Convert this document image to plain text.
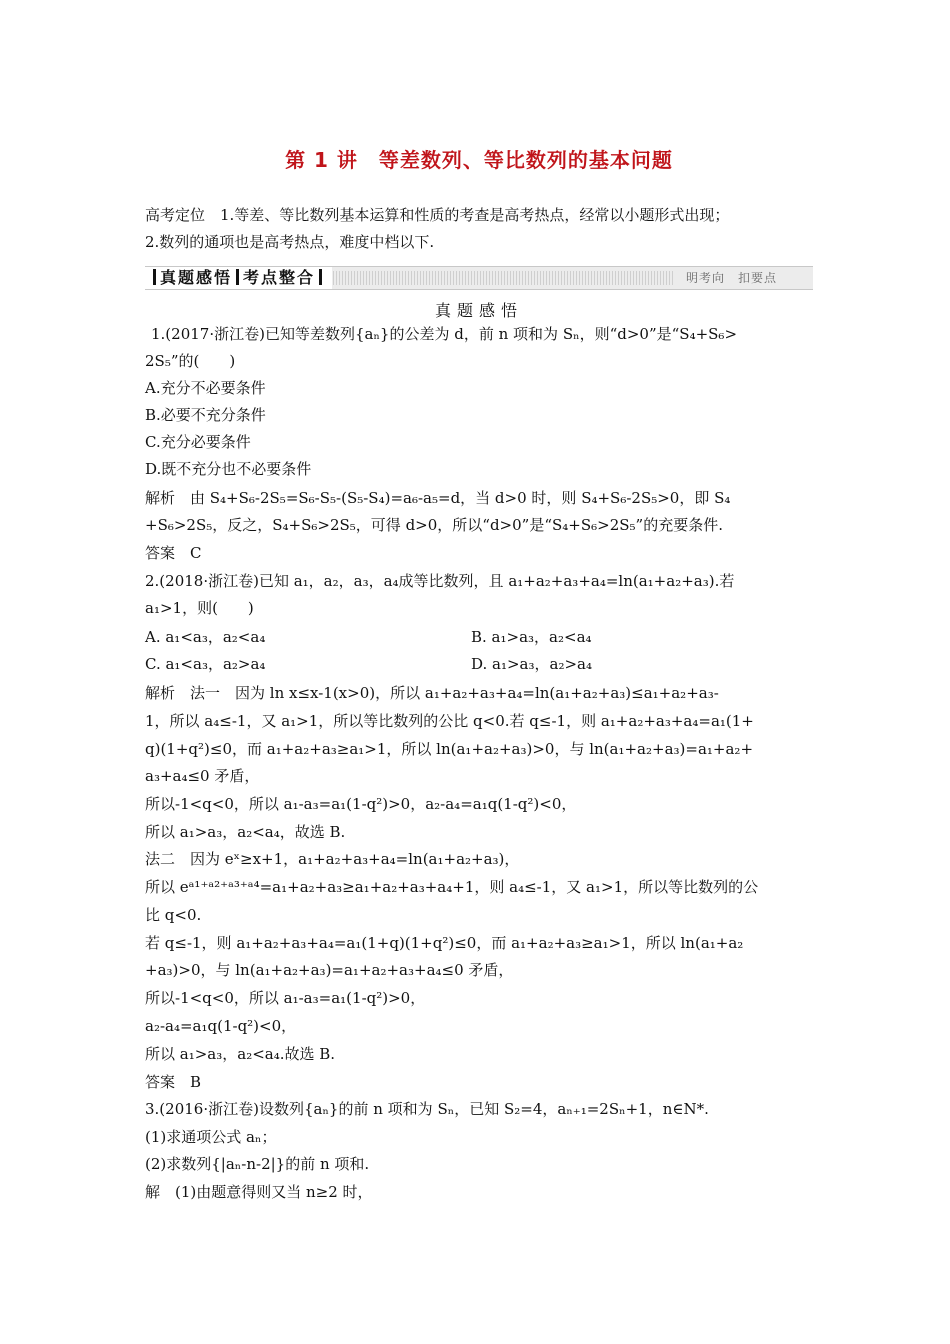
第 1 讲　等差数列、等比数列的基本问题
高考定位　1.等差、等比数列基本运算和性质的考查是高考热点，经常以小题形式出现；
2.数列的通项也是高考热点，难度中档以下.
真题感悟 考点整合	明考向　扣要点
真题感悟
1.(2017·浙江卷)已知等差数列{aₙ}的公差为 d，前 n 项和为 Sₙ，则“d>0”是“S₄+S₆>
2S₅”的(　　)
A.充分不必要条件
B.必要不充分条件
C.充分必要条件
D.既不充分也不必要条件
解析　由 S₄+S₆-2S₅=S₆-S₅-(S₅-S₄)=a₆-a₅=d，当 d>0 时，则 S₄+S₆-2S₅>0，即 S₄
+S₆>2S₅，反之，S₄+S₆>2S₅，可得 d>0，所以“d>0”是“S₄+S₆>2S₅”的充要条件.
答案　C
2.(2018·浙江卷)已知 a₁，a₂，a₃，a₄成等比数列，且 a₁+a₂+a₃+a₄=ln(a₁+a₂+a₃).若
a₁>1，则(　　)
A. a₁<a₃，a₂<a₄	B. a₁>a₃，a₂<a₄
C. a₁<a₃，a₂>a₄	D. a₁>a₃，a₂>a₄
解析　法一　因为 ln x≤x-1(x>0)，所以 a₁+a₂+a₃+a₄=ln(a₁+a₂+a₃)≤a₁+a₂+a₃-
1，所以 a₄≤-1，又 a₁>1，所以等比数列的公比 q<0.若 q≤-1，则 a₁+a₂+a₃+a₄=a₁(1+
q)(1+q²)≤0，而 a₁+a₂+a₃≥a₁>1，所以 ln(a₁+a₂+a₃)>0，与 ln(a₁+a₂+a₃)=a₁+a₂+
a₃+a₄≤0 矛盾，
所以-1<q<0，所以 a₁-a₃=a₁(1-q²)>0，a₂-a₄=a₁q(1-q²)<0，
所以 a₁>a₃，a₂<a₄，故选 B.
法二　因为 eˣ≥x+1，a₁+a₂+a₃+a₄=ln(a₁+a₂+a₃)，
所以 eᵃ¹⁺ᵃ²⁺ᵃ³⁺ᵃ⁴=a₁+a₂+a₃≥a₁+a₂+a₃+a₄+1，则 a₄≤-1，又 a₁>1，所以等比数列的公
比 q<0.
若 q≤-1，则 a₁+a₂+a₃+a₄=a₁(1+q)(1+q²)≤0，而 a₁+a₂+a₃≥a₁>1，所以 ln(a₁+a₂
+a₃)>0，与 ln(a₁+a₂+a₃)=a₁+a₂+a₃+a₄≤0 矛盾，
所以-1<q<0，所以 a₁-a₃=a₁(1-q²)>0，
a₂-a₄=a₁q(1-q²)<0，
所以 a₁>a₃，a₂<a₄.故选 B.
答案　B
3.(2016·浙江卷)设数列{aₙ}的前 n 项和为 Sₙ，已知 S₂=4，aₙ₊₁=2Sₙ+1，n∈N*.
(1)求通项公式 aₙ；
(2)求数列{|aₙ-n-2|}的前 n 项和.
解　(1)由题意得则又当 n≥2 时，
